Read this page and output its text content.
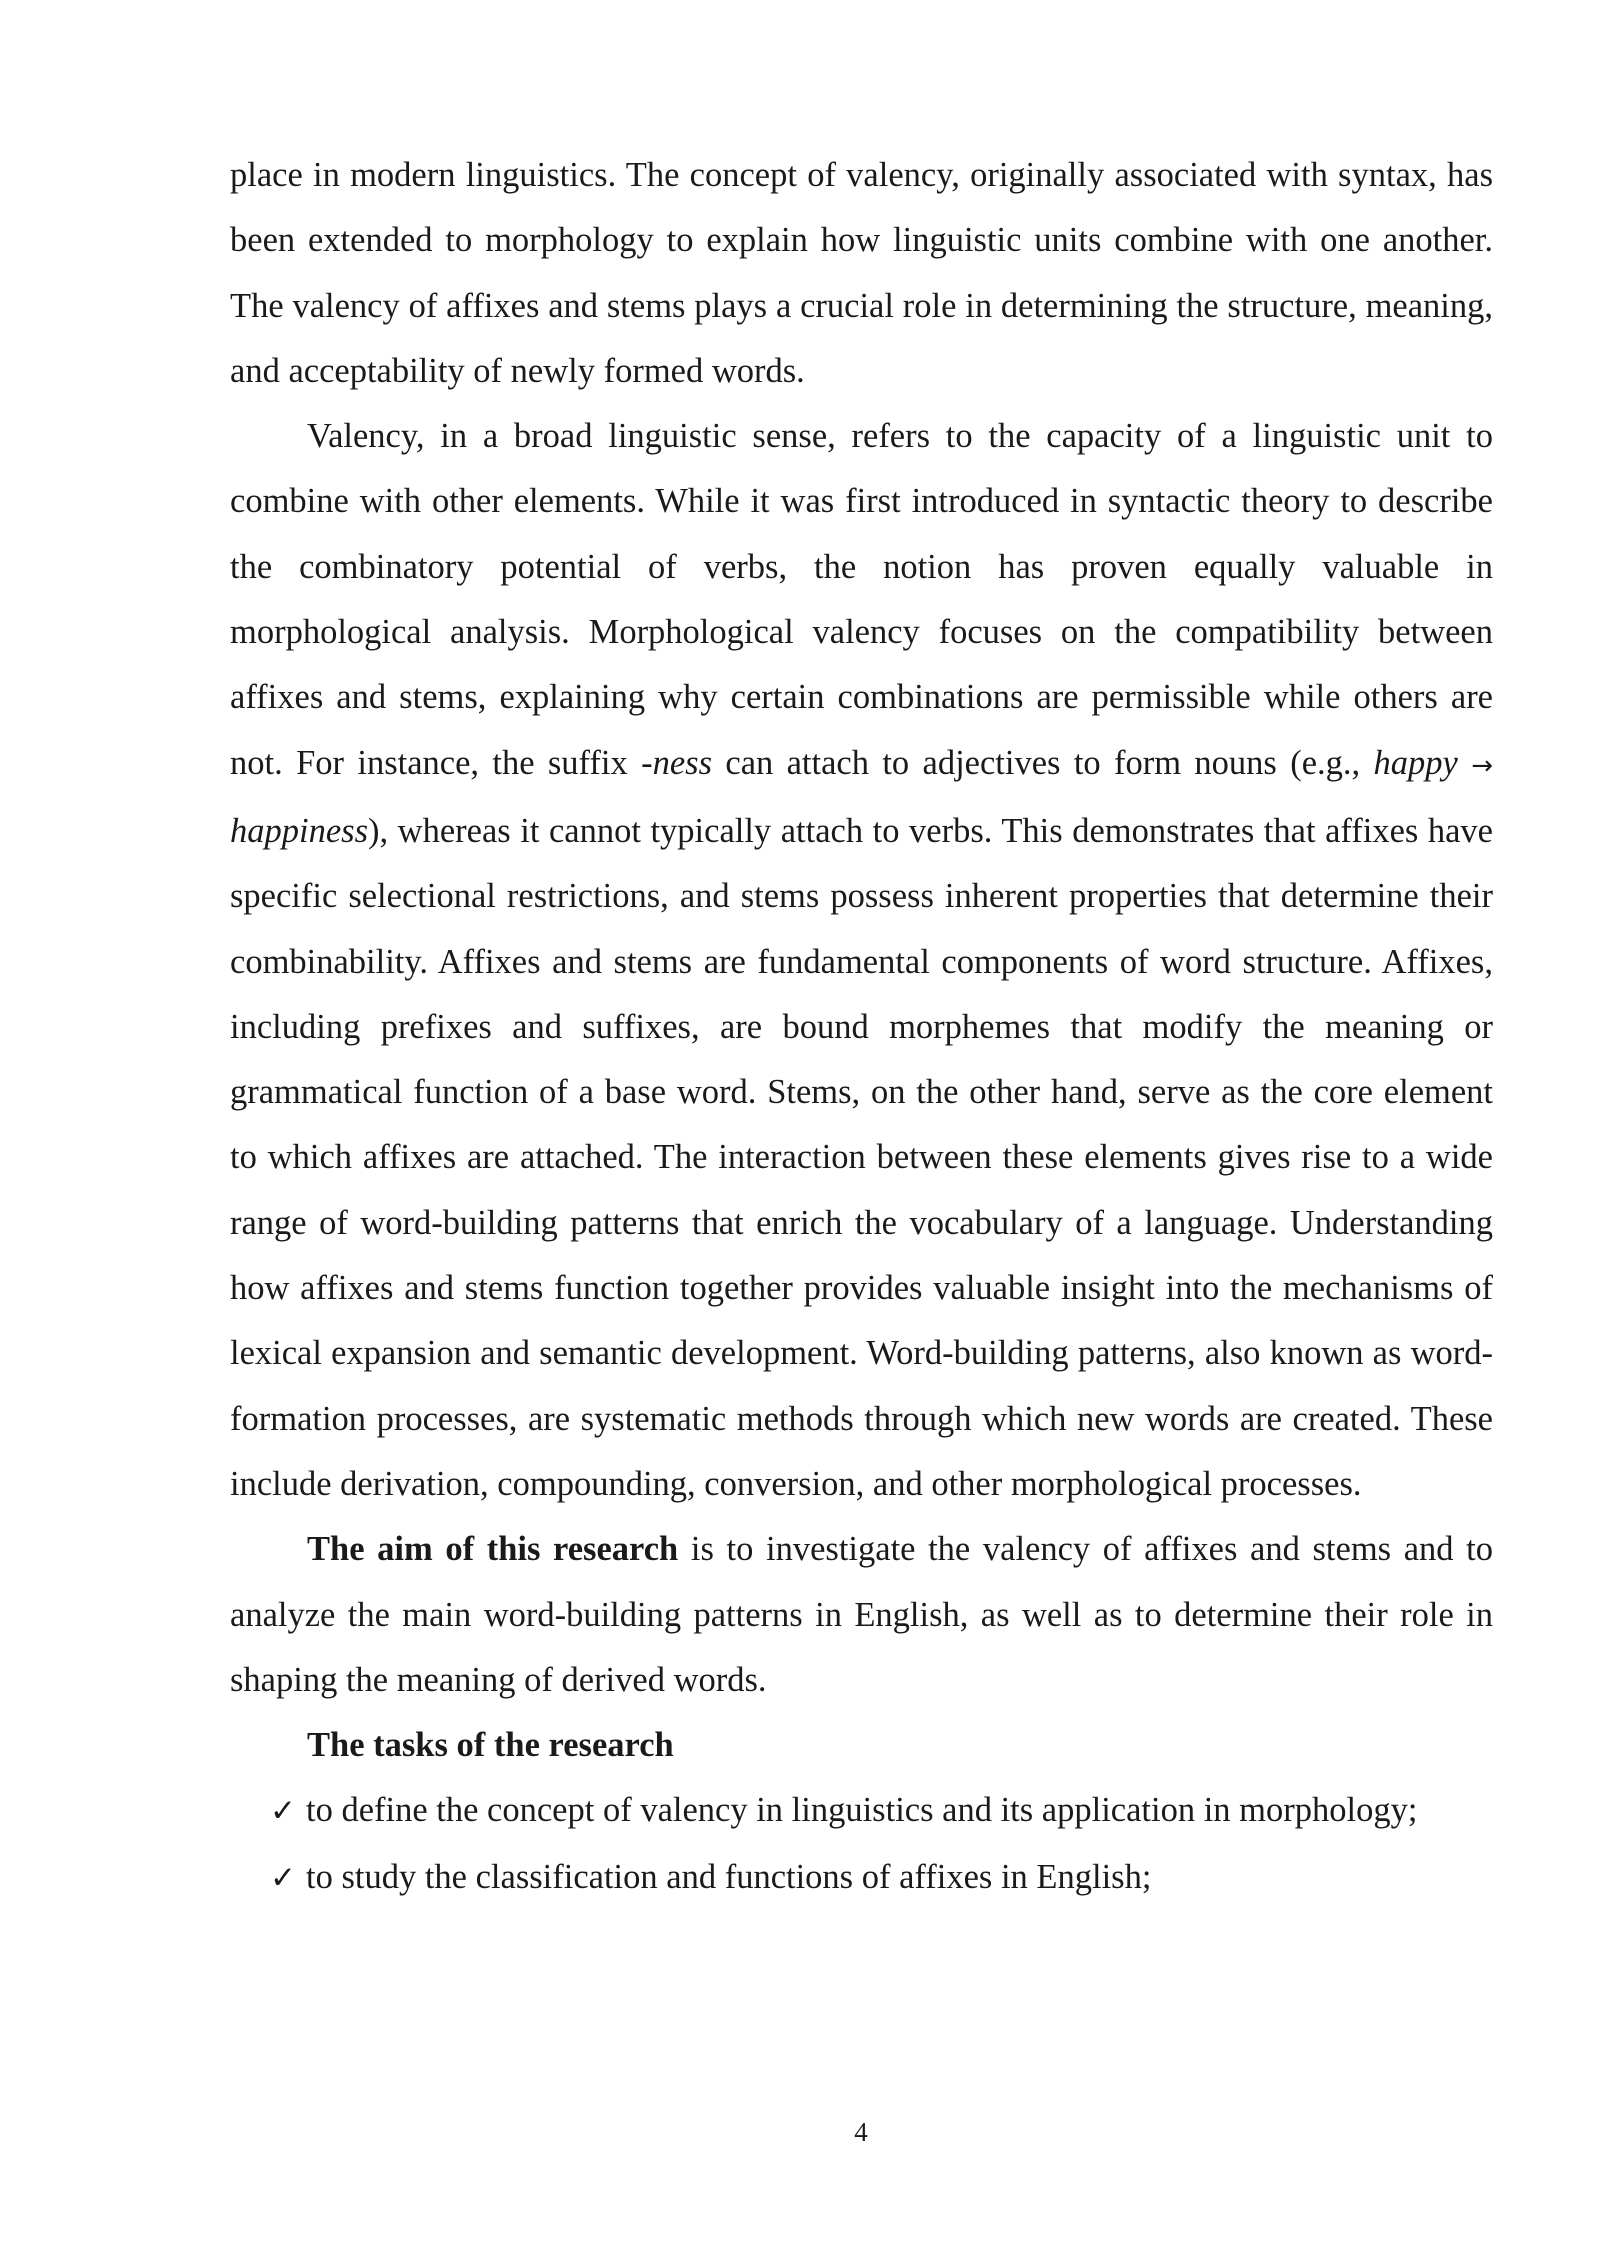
place in modern linguistics. The concept of valency, originally associated with syntax, has been extended to morphology to explain how linguistic units combine with one another. The valency of affixes and stems plays a crucial role in determining the structure, meaning, and acceptability of newly formed words.

Valency, in a broad linguistic sense, refers to the capacity of a linguistic unit to combine with other elements. While it was first introduced in syntactic theory to describe the combinatory potential of verbs, the notion has proven equally valuable in morphological analysis. Morphological valency focuses on the compatibility between affixes and stems, explaining why certain combinations are permissible while others are not. For instance, the suffix -ness can attach to adjectives to form nouns (e.g., happy → happiness), whereas it cannot typically attach to verbs. This demonstrates that affixes have specific selectional restrictions, and stems possess inherent properties that determine their combinability. Affixes and stems are fundamental components of word structure. Affixes, including prefixes and suffixes, are bound morphemes that modify the meaning or grammatical function of a base word. Stems, on the other hand, serve as the core element to which affixes are attached. The interaction between these elements gives rise to a wide range of word-building patterns that enrich the vocabulary of a language. Understanding how affixes and stems function together provides valuable insight into the mechanisms of lexical expansion and semantic development. Word-building patterns, also known as word-formation processes, are systematic methods through which new words are created. These include derivation, compounding, conversion, and other morphological processes.

The aim of this research is to investigate the valency of affixes and stems and to analyze the main word-building patterns in English, as well as to determine their role in shaping the meaning of derived words.

The tasks of the research

✓ to define the concept of valency in linguistics and its application in morphology;

✓ to study the classification and functions of affixes in English;

4
